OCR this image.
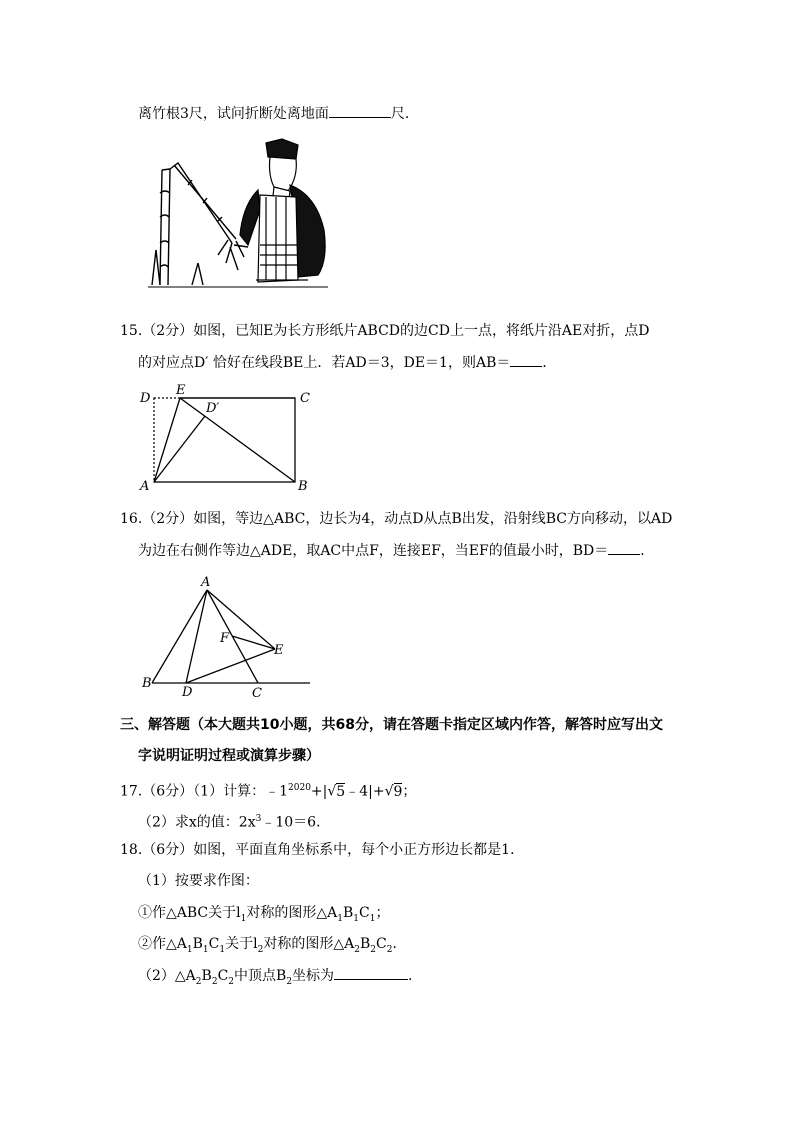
离竹根3尺，试问折断处离地面	尺.
15.（2分）如图，已知E为长方形纸片ABCD的边CD上一点，将纸片沿AE对折，点D
的对应点D′ 恰好在线段BE上．若AD＝3，DE＝1，则AB＝ ．
D
E
D′
C
A	B
16.（2分）如图，等边△ABC，边长为4，动点D从点B出发，沿射线BC方向移动，以AD
为边在右侧作等边△ADE，取AC中点F，连接EF，当EF的值最小时，BD＝ ．
A
F
E
B
D	C
三、解答题（本大题共10小题，共68分，请在答题卡指定区域内作答，解答时应写出文
字说明证明过程或演算步骤）
17.（6分）（1）计算：$﹣1^{2020}+|√5﹣4|+√9$；
（2）求x的值：$2x^3﹣10=6$．
18.（6分）如图，平面直角坐标系中，每个小正方形边长都是1．
（1）按要求作图：
①作△ABC关于$l_1$对称的图形$\triangle A_1B_1C_1$；
②作$\triangle A_1B_1C_1$关于$l_2$对称的图形$\triangle A_2B_2C_2$．
$(2)\triangle A_2B_2C_2$中顶点$B_2$坐标为	．
